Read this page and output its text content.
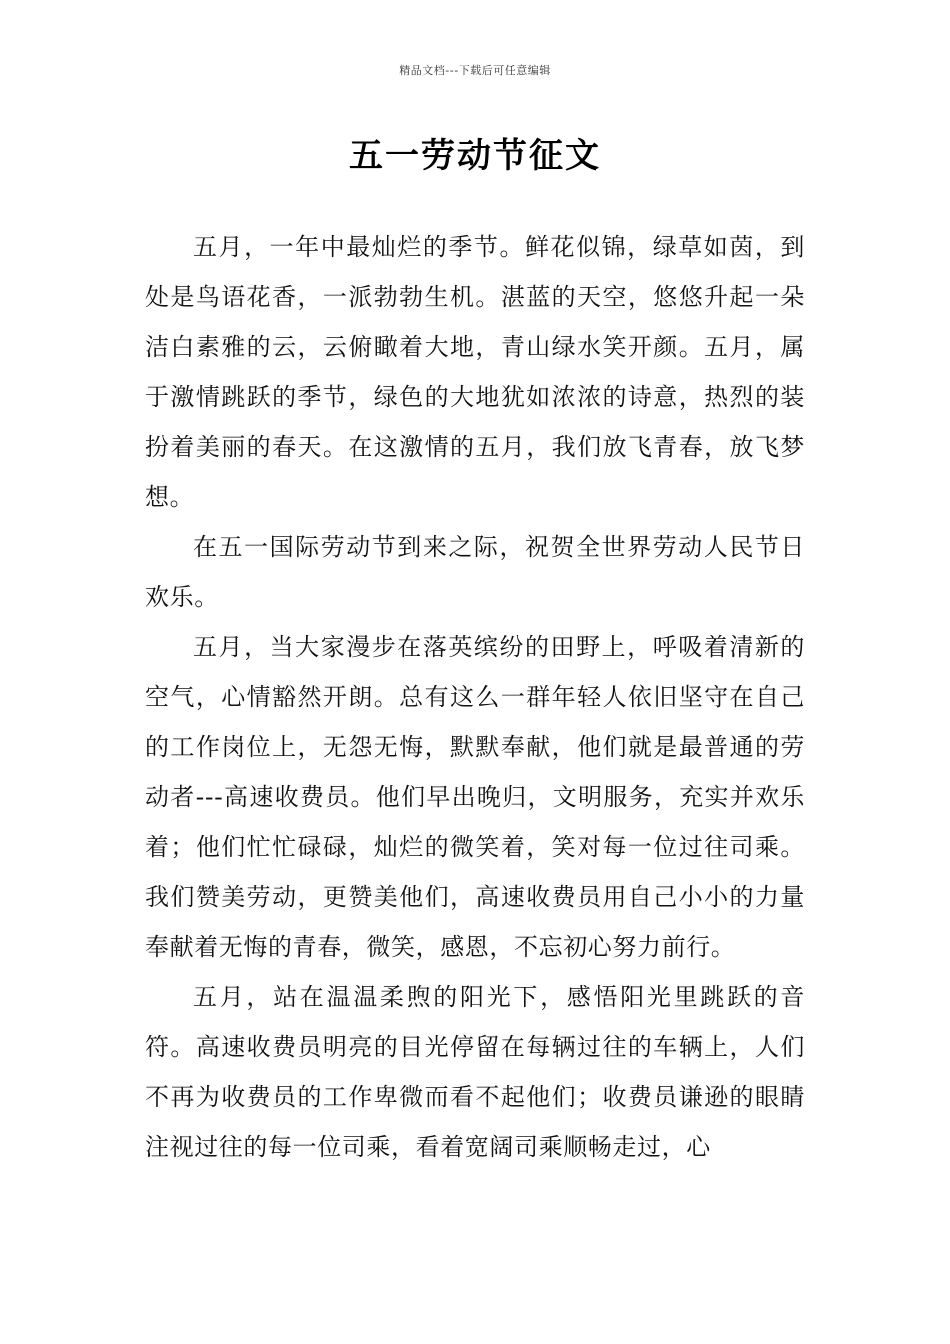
精品文档---下载后可任意编辑
五一劳动节征文

五月，一年中最灿烂的季节。鲜花似锦，绿草如茵，到处是鸟语花香，一派勃勃生机。湛蓝的天空，悠悠升起一朵洁白素雅的云，云俯瞰着大地，青山绿水笑开颜。五月，属于激情跳跃的季节，绿色的大地犹如浓浓的诗意，热烈的装扮着美丽的春天。在这激情的五月，我们放飞青春，放飞梦想。

在五一国际劳动节到来之际，祝贺全世界劳动人民节日欢乐。

五月，当大家漫步在落英缤纷的田野上，呼吸着清新的空气，心情豁然开朗。总有这么一群年轻人依旧坚守在自己的工作岗位上，无怨无悔，默默奉献，他们就是最普通的劳动者---高速收费员。他们早出晚归，文明服务，充实并欢乐着；他们忙忙碌碌，灿烂的微笑着，笑对每一位过往司乘。我们赞美劳动，更赞美他们，高速收费员用自己小小的力量奉献着无悔的青春，微笑，感恩，不忘初心努力前行。

五月，站在温温柔煦的阳光下，感悟阳光里跳跃的音符。高速收费员明亮的目光停留在每辆过往的车辆上，人们不再为收费员的工作卑微而看不起他们；收费员谦逊的眼睛注视过往的每一位司乘，看着宽阔司乘顺畅走过，心
